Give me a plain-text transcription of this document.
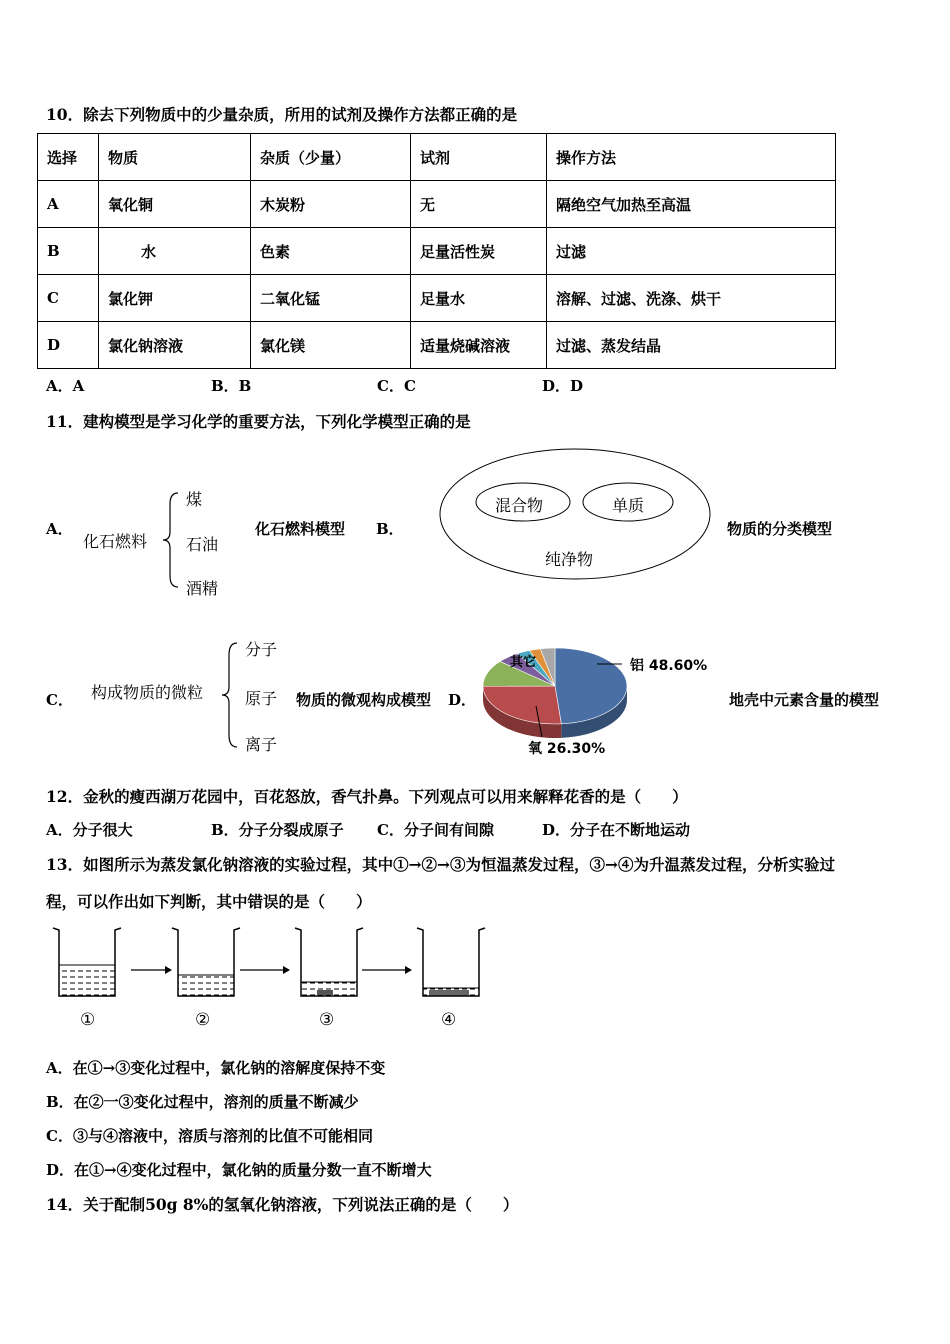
10．除去下列物质中的少量杂质，所用的试剂及操作方法都正确的是
选择	物质	杂质（少量）	试剂	操作方法
A	氧化铜	木炭粉	无	隔绝空气加热至高温
B	水	色素	足量活性炭	过滤
C	氯化钾	二氧化锰	足量水	溶解、过滤、洗涤、烘干
D	氯化钠溶液	氯化镁	适量烧碱溶液	过滤、蒸发结晶
A．A	B．B	C．C	D．D
11．建构模型是学习化学的重要方法，下列化学模型正确的是
A．
化石燃料
煤
石油
酒精
化石燃料模型 B．
混合物	单质
纯净物
物质的分类模型
C． 构成物质的微粒
分子
原子
离子
物质的微观构成模型 D．
铝 48.60%
氧 26.30%
其它
地壳中元素含量的模型
12．金秋的瘦西湖万花园中，百花怒放，香气扑鼻。下列观点可以用来解释花香的是（　　）
A．分子很大	B．分子分裂成原子 C．分子间有间隙	D．分子在不断地运动
13．如图所示为蒸发氯化钠溶液的实验过程，其中①→②→③为恒温蒸发过程，③→④为升温蒸发过程，分析实验过
程，可以作出如下判断，其中错误的是（　　）
①	②	③	④
A．在①→③变化过程中，氯化钠的溶解度保持不变
B．在②一③变化过程中，溶剂的质量不断减少
C．③与④溶液中，溶质与溶剂的比值不可能相同
D．在①→④变化过程中，氯化钠的质量分数一直不断增大
14．关于配制50g 8%的氢氧化钠溶液，下列说法正确的是（　　）
